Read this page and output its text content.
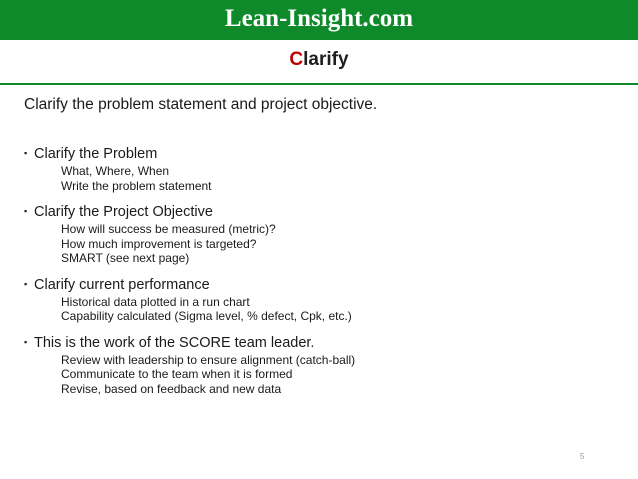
Lean-Insight.com
Clarify
Clarify the problem statement and project objective.
▪ Clarify the Problem
What, Where, When
Write the problem statement
▪ Clarify the Project Objective
How will success be measured (metric)?
How much improvement is targeted?
SMART (see next page)
▪ Clarify current performance
Historical data plotted in a run chart
Capability calculated (Sigma level, % defect, Cpk, etc.)
▪ This is the work of the SCORE team leader.
Review with leadership to ensure alignment (catch-ball)
Communicate to the team when it is formed
Revise, based on feedback and new data
5
